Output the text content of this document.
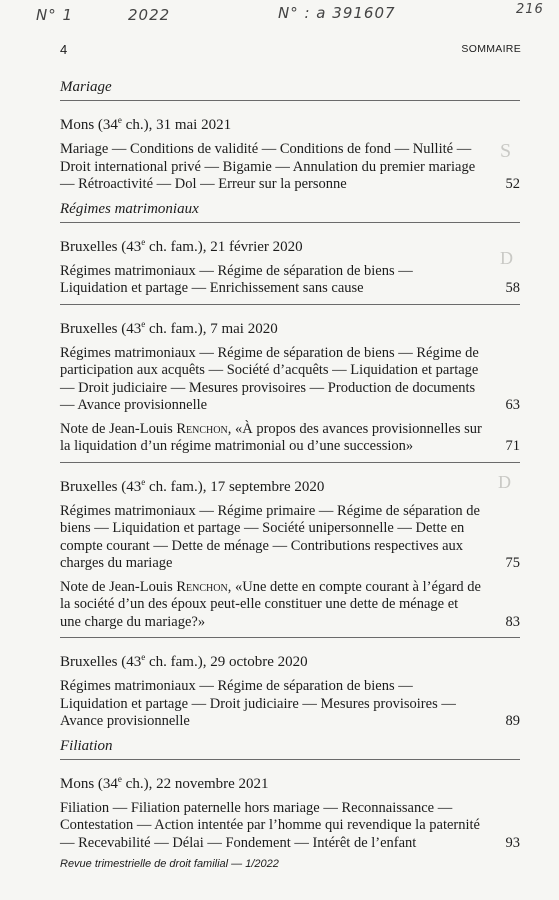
N° 1	2022	N° : a 391607	216
S
D
D
4	SOMMAIRE
Mariage
Mons (34e ch.), 31 mai 2021
Mariage — Conditions de validité — Conditions de fond — Nullité — Droit international privé — Bigamie — Annulation du premier mariage — Rétroactivité — Dol — Erreur sur la personne	52
Régimes matrimoniaux
Bruxelles (43e ch. fam.), 21 février 2020
Régimes matrimoniaux — Régime de séparation de biens — Liquidation et partage — Enrichissement sans cause	58
Bruxelles (43e ch. fam.), 7 mai 2020
Régimes matrimoniaux — Régime de séparation de biens — Régime de participation aux acquêts — Société d’acquêts — Liquidation et partage — Droit judiciaire — Mesures provisoires — Production de documents — Avance provisionnelle	63
Note de Jean-Louis Renchon, «À propos des avances provisionnelles sur la liquidation d’un régime matrimonial ou d’une succession»	71
Bruxelles (43e ch. fam.), 17 septembre 2020
Régimes matrimoniaux — Régime primaire — Régime de séparation de biens — Liquidation et partage — Société unipersonnelle — Dette en compte courant — Dette de ménage — Contributions respectives aux charges du mariage	75
Note de Jean-Louis Renchon, «Une dette en compte courant à l’égard de la société d’un des époux peut-elle constituer une dette de ménage et une charge du mariage?»	83
Bruxelles (43e ch. fam.), 29 octobre 2020
Régimes matrimoniaux — Régime de séparation de biens — Liquidation et partage — Droit judiciaire — Mesures provisoires — Avance provisionnelle	89
Filiation
Mons (34e ch.), 22 novembre 2021
Filiation — Filiation paternelle hors mariage — Reconnaissance — Contestation — Action intentée par l’homme qui revendique la paternité — Recevabilité — Délai — Fondement — Intérêt de l’enfant	93
Revue trimestrielle de droit familial — 1/2022
